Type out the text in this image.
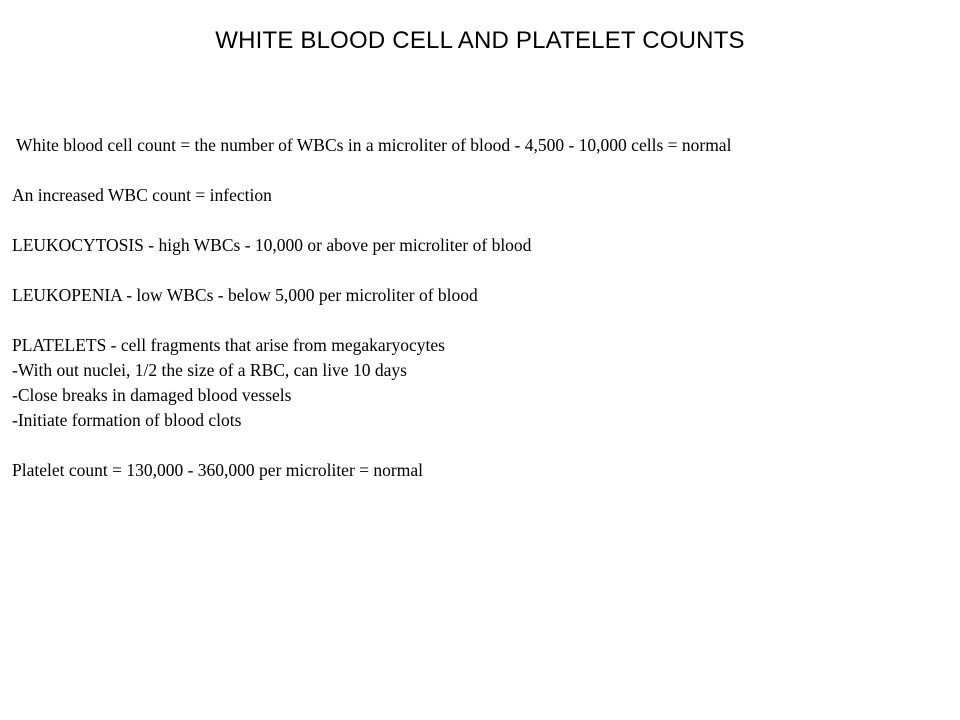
WHITE BLOOD CELL AND PLATELET COUNTS

White blood cell count = the number of WBCs in a microliter of blood - 4,500 - 10,000 cells = normal

An increased WBC count = infection

LEUKOCYTOSIS - high WBCs - 10,000 or above per microliter of blood

LEUKOPENIA - low WBCs - below 5,000 per microliter of blood

PLATELETS - cell fragments that arise from megakaryocytes

-With out nuclei, 1/2 the size of a RBC, can live 10 days

-Close breaks in damaged blood vessels

-Initiate formation of blood clots

Platelet count = 130,000 - 360,000 per microliter = normal
